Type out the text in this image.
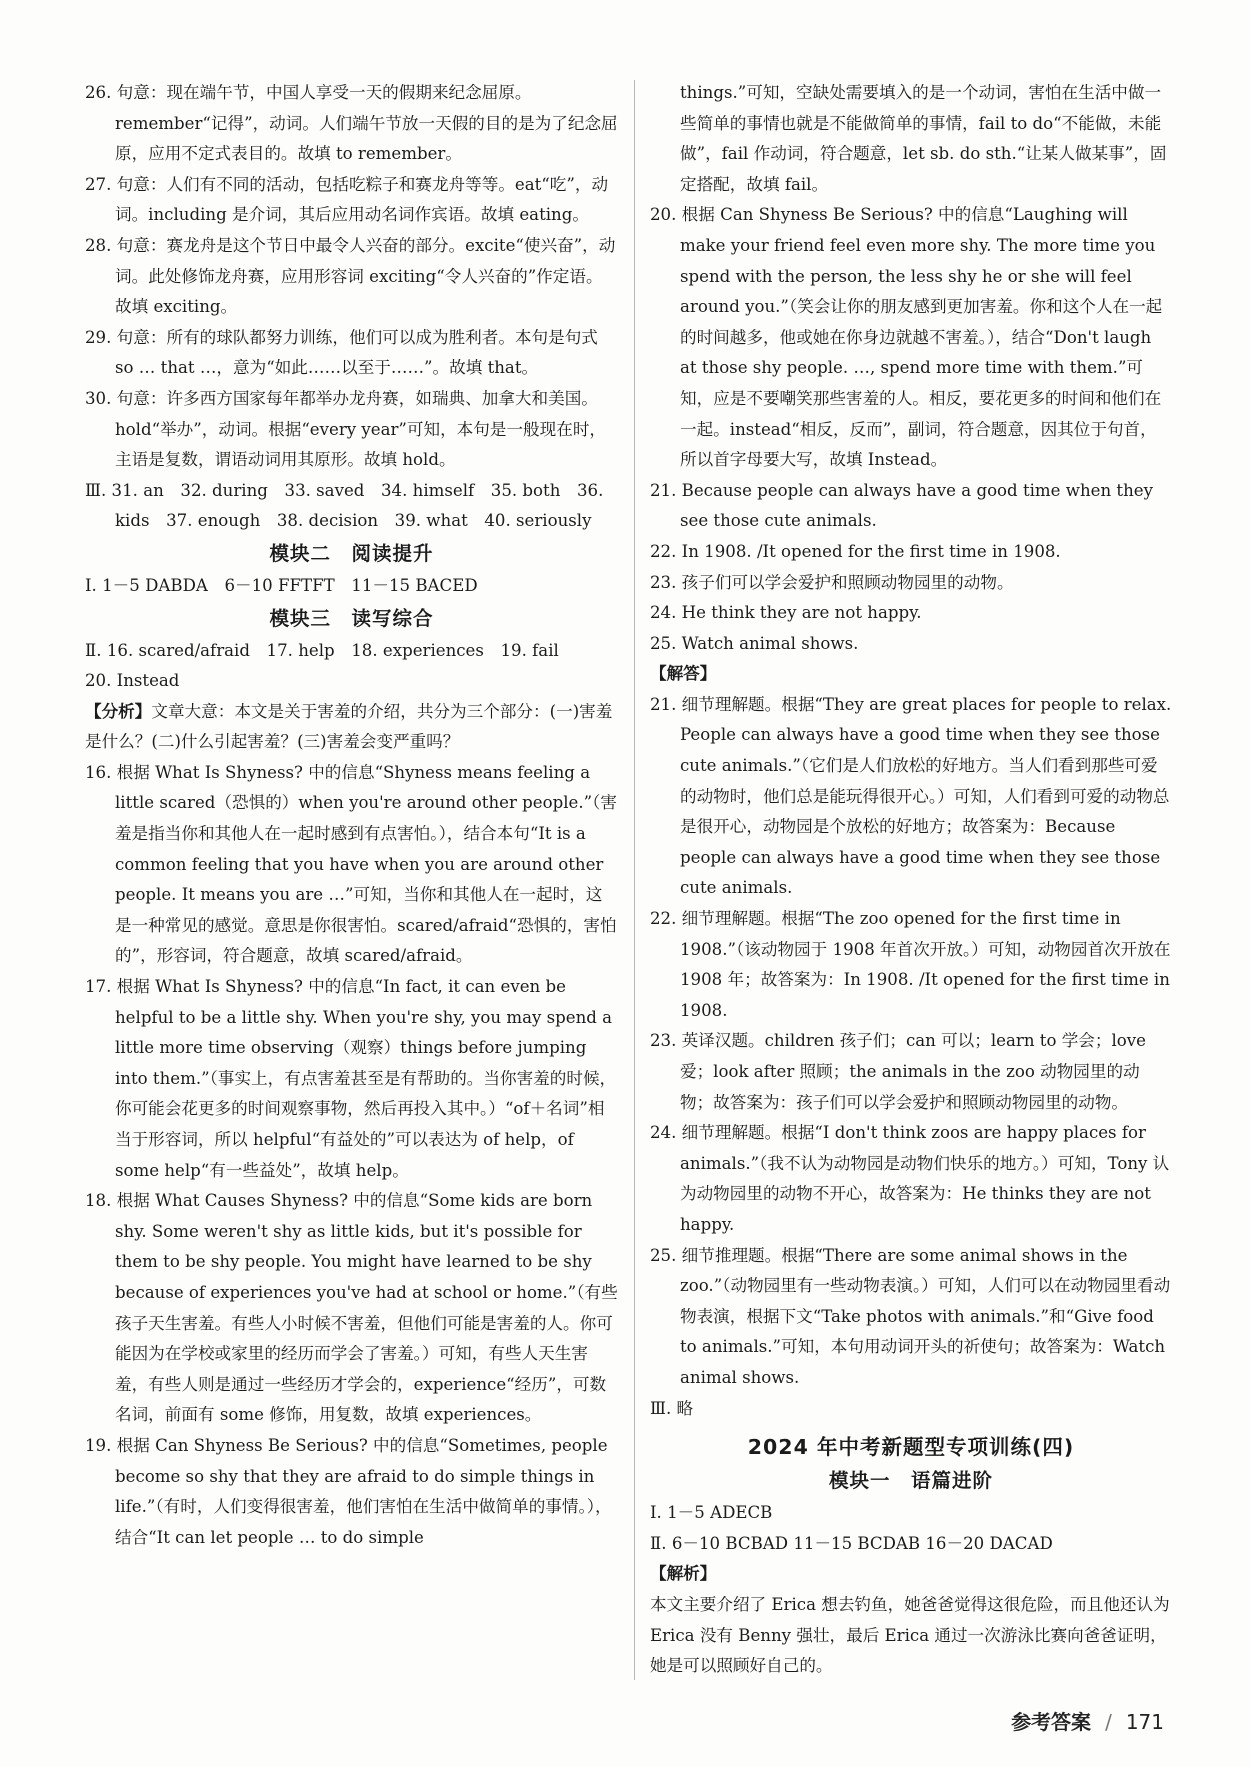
26. 句意：现在端午节，中国人享受一天的假期来纪念屈原。remember“记得”，动词。人们端午节放一天假的目的是为了纪念屈原，应用不定式表目的。故填 to remember。
27. 句意：人们有不同的活动，包括吃粽子和赛龙舟等等。eat“吃”，动词。including 是介词，其后应用动名词作宾语。故填 eating。
28. 句意：赛龙舟是这个节日中最令人兴奋的部分。excite“使兴奋”，动词。此处修饰龙舟赛，应用形容词 exciting“令人兴奋的”作定语。故填 exciting。
29. 句意：所有的球队都努力训练，他们可以成为胜利者。本句是句式 so … that …，意为“如此……以至于……”。故填 that。
30. 句意：许多西方国家每年都举办龙舟赛，如瑞典、加拿大和美国。hold“举办”，动词。根据“every year”可知，本句是一般现在时，主语是复数，谓语动词用其原形。故填 hold。
Ⅲ. 31. an　32. during　33. saved　34. himself　35. both　36. kids　37. enough　38. decision　39. what　40. seriously
模块二　阅读提升
Ⅰ. 1－5 DABDA　6－10 FFTFT　11－15 BACED
模块三　读写综合
Ⅱ. 16. scared/afraid　17. help　18. experiences　19. fail
20. Instead
【分析】文章大意：本文是关于害羞的介绍，共分为三个部分：(一)害羞是什么？(二)什么引起害羞？(三)害羞会变严重吗？
16. 根据 What Is Shyness? 中的信息“Shyness means feeling a little scared（恐惧的）when you're around other people.”（害羞是指当你和其他人在一起时感到有点害怕。），结合本句“It is a common feeling that you have when you are around other people. It means you are …”可知，当你和其他人在一起时，这是一种常见的感觉。意思是你很害怕。scared/afraid“恐惧的，害怕的”，形容词，符合题意，故填 scared/afraid。
17. 根据 What Is Shyness? 中的信息“In fact, it can even be helpful to be a little shy. When you're shy, you may spend a little more time observing（观察）things before jumping into them.”（事实上，有点害羞甚至是有帮助的。当你害羞的时候，你可能会花更多的时间观察事物，然后再投入其中。）“of＋名词”相当于形容词，所以 helpful“有益处的”可以表达为 of help，of some help“有一些益处”，故填 help。
18. 根据 What Causes Shyness? 中的信息“Some kids are born shy. Some weren't shy as little kids, but it's possible for them to be shy people. You might have learned to be shy because of experiences you've had at school or home.”（有些孩子天生害羞。有些人小时候不害羞，但他们可能是害羞的人。你可能因为在学校或家里的经历而学会了害羞。）可知，有些人天生害羞，有些人则是通过一些经历才学会的，experience“经历”，可数名词，前面有 some 修饰，用复数，故填 experiences。
19. 根据 Can Shyness Be Serious? 中的信息“Sometimes, people become so shy that they are afraid to do simple things in life.”（有时，人们变得很害羞，他们害怕在生活中做简单的事情。），结合“It can let people … to do simple
things.”可知，空缺处需要填入的是一个动词，害怕在生活中做一些简单的事情也就是不能做简单的事情，fail to do“不能做，未能做”，fail 作动词，符合题意，let sb. do sth.“让某人做某事”，固定搭配，故填 fail。
20. 根据 Can Shyness Be Serious? 中的信息“Laughing will make your friend feel even more shy. The more time you spend with the person, the less shy he or she will feel around you.”（笑会让你的朋友感到更加害羞。你和这个人在一起的时间越多，他或她在你身边就越不害羞。），结合“Don't laugh at those shy people. …, spend more time with them.”可知，应是不要嘲笑那些害羞的人。相反，要花更多的时间和他们在一起。instead“相反，反而”，副词，符合题意，因其位于句首，所以首字母要大写，故填 Instead。
21. Because people can always have a good time when they see those cute animals.
22. In 1908. /It opened for the first time in 1908.
23. 孩子们可以学会爱护和照顾动物园里的动物。
24. He think they are not happy.
25. Watch animal shows.
【解答】
21. 细节理解题。根据“They are great places for people to relax. People can always have a good time when they see those cute animals.”（它们是人们放松的好地方。当人们看到那些可爱的动物时，他们总是能玩得很开心。）可知，人们看到可爱的动物总是很开心，动物园是个放松的好地方；故答案为：Because people can always have a good time when they see those cute animals.
22. 细节理解题。根据“The zoo opened for the first time in 1908.”（该动物园于 1908 年首次开放。）可知，动物园首次开放在 1908 年；故答案为：In 1908. /It opened for the first time in 1908.
23. 英译汉题。children 孩子们；can 可以；learn to 学会；love 爱；look after 照顾；the animals in the zoo 动物园里的动物；故答案为：孩子们可以学会爱护和照顾动物园里的动物。
24. 细节理解题。根据“I don't think zoos are happy places for animals.”（我不认为动物园是动物们快乐的地方。）可知，Tony 认为动物园里的动物不开心，故答案为：He thinks they are not happy.
25. 细节推理题。根据“There are some animal shows in the zoo.”（动物园里有一些动物表演。）可知，人们可以在动物园里看动物表演，根据下文“Take photos with animals.”和“Give food to animals.”可知，本句用动词开头的祈使句；故答案为：Watch animal shows.
Ⅲ. 略
2024 年中考新题型专项训练(四)
模块一　语篇进阶
Ⅰ. 1－5 ADECB
Ⅱ. 6－10 BCBAD 11－15 BCDAB 16－20 DACAD
【解析】
本文主要介绍了 Erica 想去钓鱼，她爸爸觉得这很危险，而且他还认为 Erica 没有 Benny 强壮，最后 Erica 通过一次游泳比赛向爸爸证明，她是可以照顾好自己的。
参考答案 / 171
